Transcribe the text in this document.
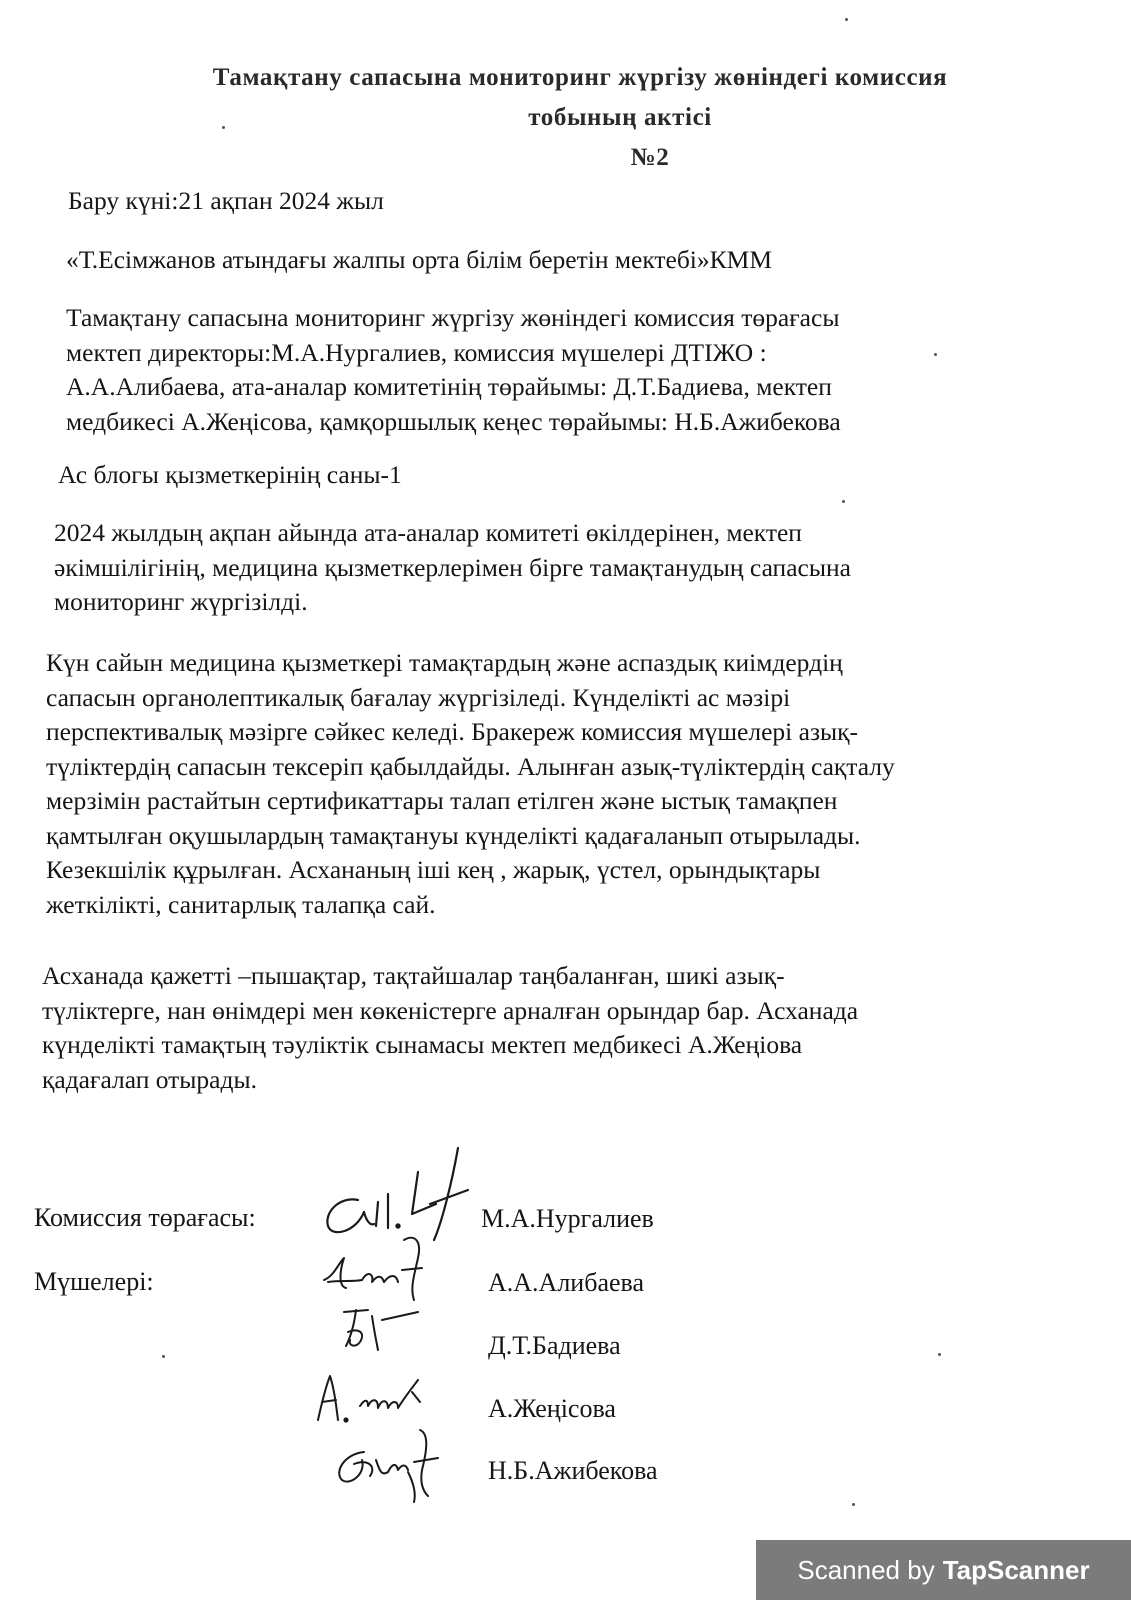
Тамақтану сапасына мониторинг жүргізу жөніндегі комиссия
тобының актісі
№2
Бару күні:21 ақпан 2024 жыл
«Т.Есімжанов атындағы жалпы орта білім беретін мектебі»КММ
Тамақтану сапасына мониторинг жүргізу жөніндегі комиссия төрағасы
мектеп директоры:М.А.Нургалиев, комиссия мүшелері ДТІЖО :
А.А.Алибаева, ата-аналар комитетінің төрайымы: Д.Т.Бадиева, мектеп
медбикесі А.Жеңісова, қамқоршылық кеңес төрайымы: Н.Б.Ажибекова
Ас блогы қызметкерінің саны-1
2024 жылдың ақпан айында ата-аналар комитеті өкілдерінен, мектеп
әкімшілігінің, медицина қызметкерлерімен бірге тамақтанудың сапасына
мониторинг жүргізілді.
Күн сайын медицина қызметкері тамақтардың және аспаздық киімдердің
сапасын органолептикалық бағалау жүргізіледі. Күнделікті ас мәзірі
перспективалық мәзірге сәйкес келеді. Бракереж комиссия мүшелері азық-
түліктердің сапасын тексеріп қабылдайды. Алынған азық-түліктердің сақталу
мерзімін растайтын сертификаттары талап етілген және ыстық тамақпен
қамтылған оқушылардың тамақтануы күнделікті қадағаланып отырылады.
Кезекшілік құрылған. Асхананың іші кең , жарық, үстел, орындықтары
жеткілікті, санитарлық талапқа сай.
Асханада қажетті –пышақтар, тақтайшалар таңбаланған, шикі азық-
түліктерге, нан өнімдері мен көкеністерге арналған орындар бар. Асханада
күнделікті тамақтың тәуліктік сынамасы мектеп медбикесі А.Жеңіова
қадағалап отырады.
Комиссия төрағасы:
Мүшелері:
М.А.Нургалиев
А.А.Алибаева
Д.Т.Бадиева
А.Жеңісова
Н.Б.Ажибекова
Scanned by TapScanner
